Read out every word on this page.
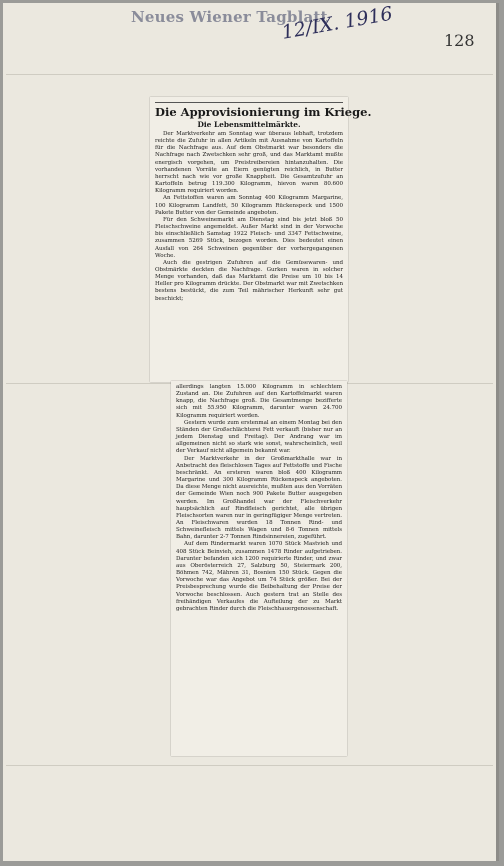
Neues Wiener Tagblatt
12/IX. 1916	128
Die Approvisionierung im Kriege.
Die Lebensmittelmärkte.

Der Marktverkehr am Sonntag war überaus lebhaft, trotzdem reichte die Zufuhr in allen Artikeln mit Ausnahme von Kartoffeln für die Nachfrage aus. Auf dem Obstmarkt war besonders die Nachfrage nach Zwetschken sehr groß, und das Marktamt mußte energisch vorgehen, um Preistreibereien hintanzuhalten. Die vorhandenen Vorräte an Eiern genügten reichlich, in Butter herrscht nach wie vor große Knappheit. Die Gesamtzufuhr an Kartoffeln betrug 119.300 Kilogramm, hievon waren 80.600 Kilogramm requiriert worden.

An Fettstoffen waren am Sonntag 400 Kilogramm Margarine, 100 Kilogramm Landfett, 50 Kilogramm Rückenspeck und 1500 Pakete Butter von der Gemeinde angeboten.

Für den Schweinemarkt am Dienstag sind bis jetzt bloß 50 Fleischschweine angemeldet. Außer Markt sind in der Vorwoche bis einschließlich Samstag 1922 Fleisch- und 3347 Fettschweine, zusammen 5269 Stück, bezogen worden. Dies bedeutet einen Ausfall von 264 Schweinen gegenüber der vorhergegangenen Woche.

Auch die gestrigen Zufuhren auf die Gemüsewaren- und Obstmärkte deckten die Nachfrage. Gurken waren in solcher Menge vorhanden, daß das Marktamt die Preise um 10 bis 14 Heller pro Kilogramm drückte. Der Obstmarkt war mit Zwetschken bestens bestückt, die zum Teil mährischer Herkunft sehr gut beschickt;

allerdings langten 15.000 Kilogramm in schlechtem Zustand an. Die Zufuhren auf den Kartoffelmarkt waren knapp, die Nachfrage groß. Die Gesamtmenge bezifferte sich mit 55.950 Kilogramm, darunter waren 24.700 Kilogramm requiriert worden.

Gestern wurde zum erstenmal an einem Montag bei den Ständen der Großschlächterei Fett verkauft (bisher nur an jedem Dienstag und Freitag). Der Andrang war im allgemeinen nicht so stark wie sonst, wahrscheinlich, weil der Verkauf nicht allgemein bekannt war.

Der Marktverkehr in der Großmarkthalle war in Anbetracht des fleischlosen Tages auf Fettstoffe und Fische beschränkt. An ersteren waren bloß 400 Kilogramm Margarine und 300 Kilogramm Rückenspeck angeboten. Da diese Menge nicht ausreichte, mußten aus den Vorräten der Gemeinde Wien noch 900 Pakete Butter ausgegeben werden. Im Großhandel war der Fleischverkehr hauptsächlich auf Rindfleisch gerichtet, alle übrigen Fleischsorten waren nur in geringfügiger Menge vertreten. An Fleischwaren wurden 18 Tonnen Rind- und Schweinefleisch mittels Wagen und 8-6 Tonnen mittels Bahn, darunter 2-7 Tonnen Rindsinnereien, zugeführt.

Auf dem Rindermarkt waren 1070 Stück Mastvieh und 408 Stück Beinvieh, zusammen 1478 Rinder aufgetrieben. Darunter befanden sich 1200 requirierte Rinder, und zwar aus Oberösterreich 27, Salzburg 50, Steiermark 200, Böhmen 742, Mähren 31, Bosnien 150 Stück. Gegen die Vorwoche war das Angebot um 74 Stück größer. Bei der Preisbesprechung wurde die Beibehaltung der Preise der Vorwoche beschlossen. Auch gestern trat an Stelle des freihändigen Verkaufes die Aufteilung der zu Markt gebrachten Rinder durch die Fleischhauergenossenschaft.
